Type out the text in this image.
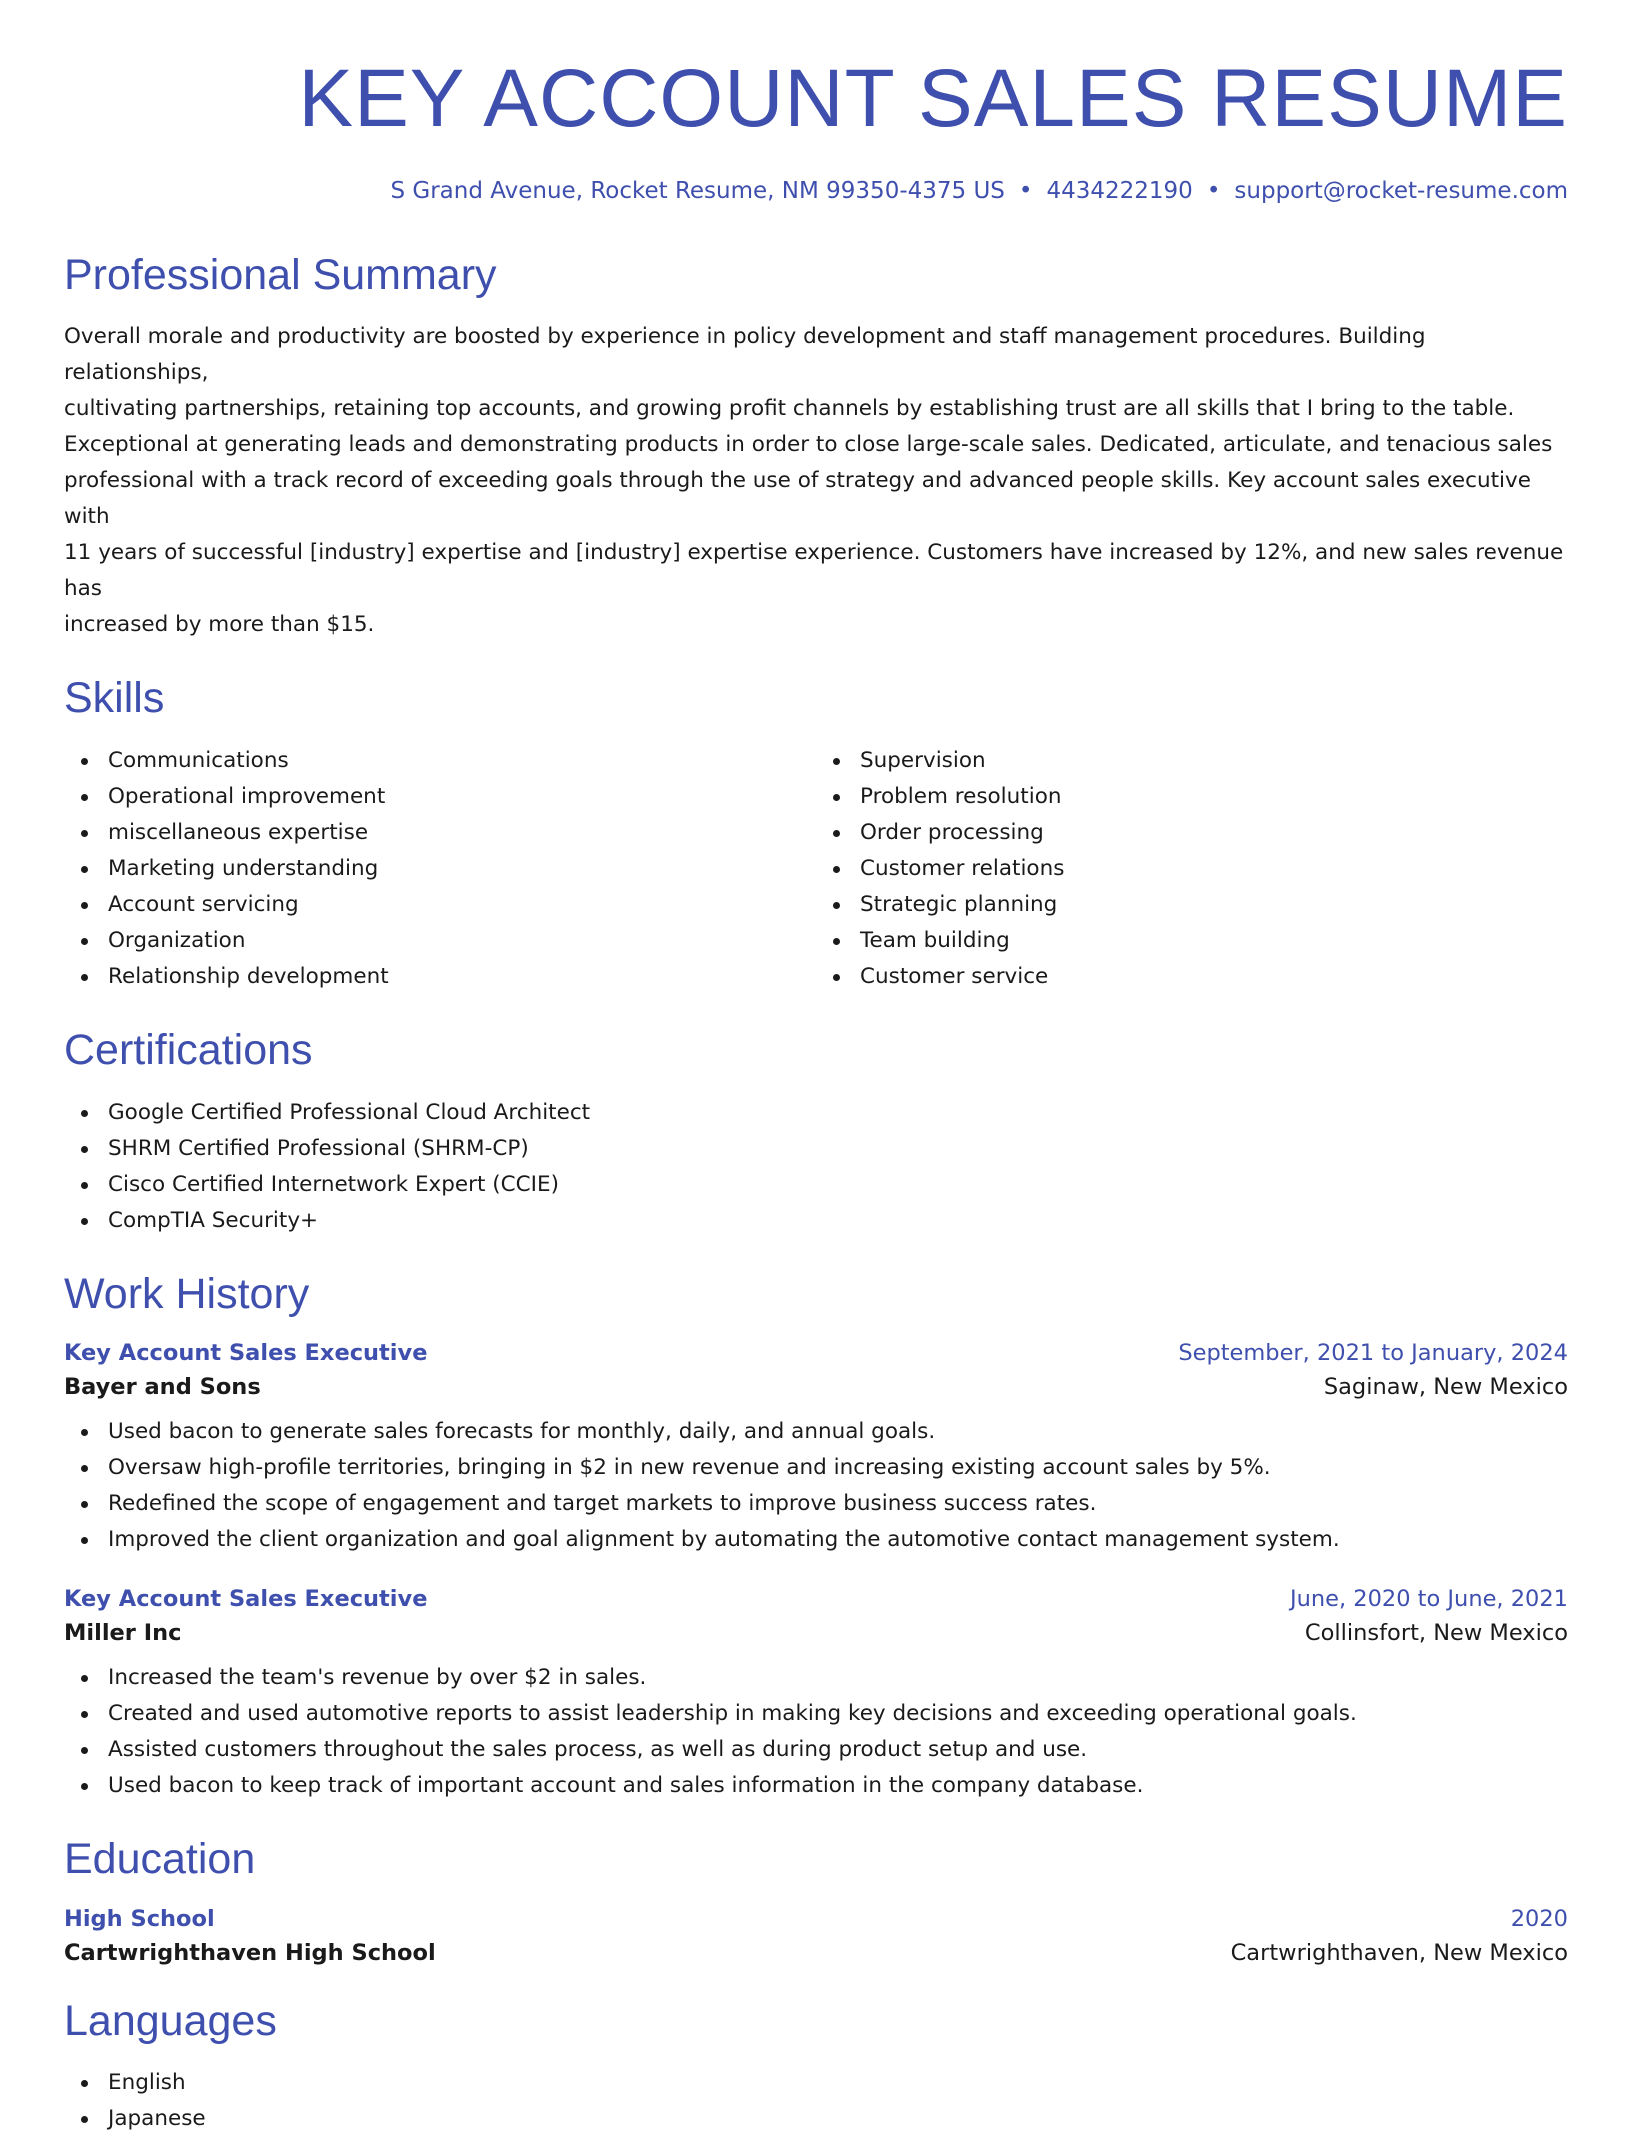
KEY ACCOUNT SALES RESUME
S Grand Avenue, Rocket Resume, NM 99350-4375 US • 4434222190 • support@rocket-resume.com
Professional Summary
Overall morale and productivity are boosted by experience in policy development and staff management procedures. Building relationships,
cultivating partnerships, retaining top accounts, and growing profit channels by establishing trust are all skills that I bring to the table.
Exceptional at generating leads and demonstrating products in order to close large-scale sales. Dedicated, articulate, and tenacious sales
professional with a track record of exceeding goals through the use of strategy and advanced people skills. Key account sales executive with
11 years of successful [industry] expertise and [industry] expertise experience. Customers have increased by 12%, and new sales revenue has
increased by more than $15.
Skills
Communications
Operational improvement
miscellaneous expertise
Marketing understanding
Account servicing
Organization
Relationship development
Supervision
Problem resolution
Order processing
Customer relations
Strategic planning
Team building
Customer service
Certifications
Google Certified Professional Cloud Architect
SHRM Certified Professional (SHRM-CP)
Cisco Certified Internetwork Expert (CCIE)
CompTIA Security+
Work History
Key Account Sales Executive	September, 2021 to January, 2024
Bayer and Sons	Saginaw, New Mexico
Used bacon to generate sales forecasts for monthly, daily, and annual goals.
Oversaw high-profile territories, bringing in $2 in new revenue and increasing existing account sales by 5%.
Redefined the scope of engagement and target markets to improve business success rates.
Improved the client organization and goal alignment by automating the automotive contact management system.
Key Account Sales Executive	June, 2020 to June, 2021
Miller Inc	Collinsfort, New Mexico
Increased the team's revenue by over $2 in sales.
Created and used automotive reports to assist leadership in making key decisions and exceeding operational goals.
Assisted customers throughout the sales process, as well as during product setup and use.
Used bacon to keep track of important account and sales information in the company database.
Education
High School	2020
Cartwrighthaven High School	Cartwrighthaven, New Mexico
Languages
English
Japanese
